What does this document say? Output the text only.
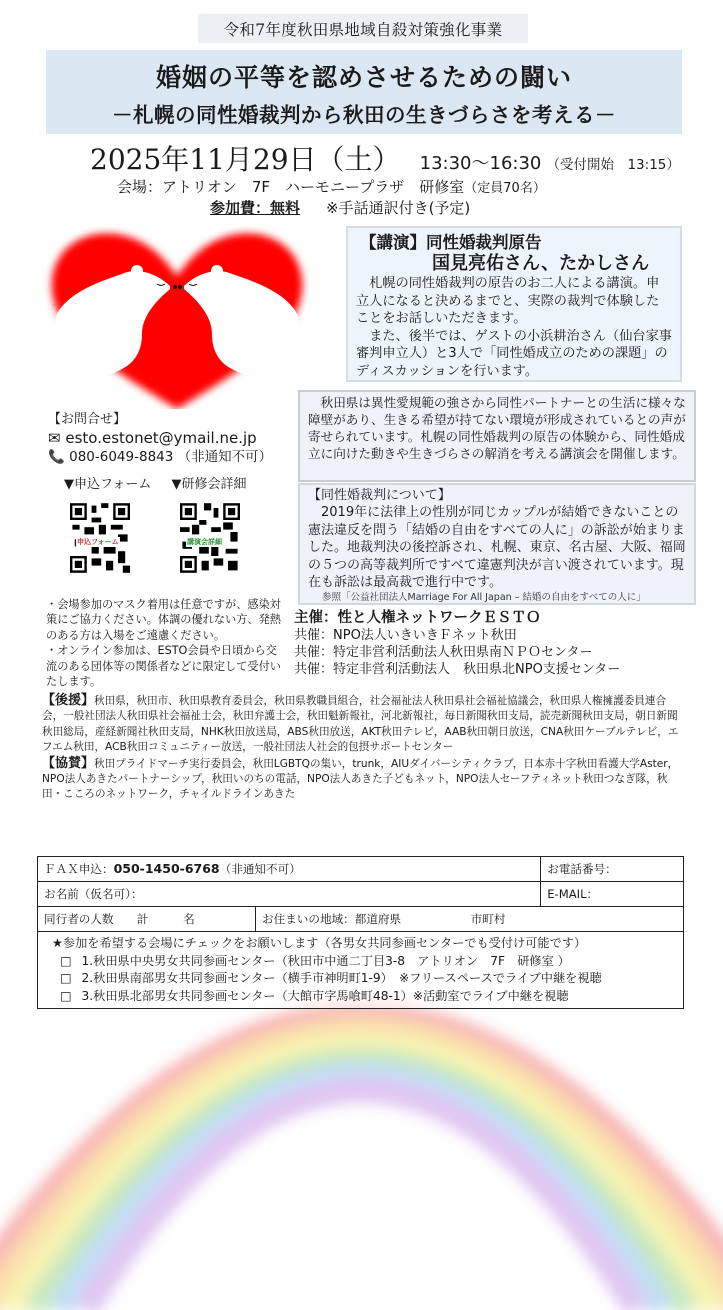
令和7年度秋田県地域自殺対策強化事業
婚姻の平等を認めさせるための闘い
－札幌の同性婚裁判から秋田の生きづらさを考える－
2025年11月29日（土） 13:30〜16:30 （受付開始　13:15）
会場：アトリオン　7F　ハーモニープラザ　研修室（定員70名）
参加費：無料 ※手話通訳付き(予定)
【講演】同性婚裁判原告
国見亮佑さん、たかしさん
札幌の同性婚裁判の原告のお二人による講演。申立人になると決めるまでと、実際の裁判で体験したことをお話しいただきます。
また、後半では、ゲストの小浜耕治さん（仙台家事審判申立人）と3人で「同性婚成立のための課題」のディスカッションを行います。
秋田県は異性愛規範の強さから同性パートナーとの生活に様々な障壁があり、生きる希望が持てない環境が形成されているとの声が寄せられています。札幌の同性婚裁判の原告の体験から、同性婚成立に向けた動きや生きづらさの解消を考える講演会を開催します。
【同性婚裁判について】
2019年に法律上の性別が同じカップルが結婚できないことの憲法違反を問う「結婚の自由をすべての人に」の訴訟が始まりました。地裁判決の後控訴され、札幌、東京、名古屋、大阪、福岡の５つの高等裁判所ですべて違憲判決が言い渡されています。現在も訴訟は最高裁で進行中です。
参照「公益社団法人Marriage For All Japan – 結婚の自由をすべての人に」
【お問合せ】
✉ esto.estonet@ymail.ne.jp
📞 080-6049-8843 （非通知不可）
▼申込フォーム ▼研修会詳細
申込フォーム	講演会詳細
・会場参加のマスク着用は任意ですが、感染対策にご協力ください。体調の優れない方、発熱のある方は入場をご遠慮ください。
・オンライン参加は、ESTO会員や日頃から交流のある団体等の関係者などに限定して受付いたします。
主催：性と人権ネットワークＥＳＴＯ
共催：NPO法人いきいきＦネット秋田
共催：特定非営利活動法人秋田県南ＮＰＯセンター
共催：特定非営利活動法人　秋田県北NPO支援センター
【後援】秋田県，秋田市、秋田県教育委員会，秋田県教職員組合，社会福祉法人秋田県社会福祉協議会，秋田県人権擁護委員連合会，一般社団法人秋田県社会福祉士会，秋田弁護士会，秋田魁新報社，河北新報社，毎日新聞秋田支局，読売新聞秋田支局，朝日新聞秋田総局，産経新聞社秋田支局，NHK秋田放送局，ABS秋田放送，AKT秋田テレビ，AAB秋田朝日放送，CNA秋田ケーブルテレビ，エフエム秋田，ACB秋田コミュニティー放送，一般社団法人社会的包摂サポートセンター
【協賛】秋田プライドマーチ実行委員会，秋田LGBTQの集い，trunk，AIUダイバーシティクラブ，日本赤十字秋田看護大学Aster，NPO法人あきたパートナーシップ，秋田いのちの電話，NPO法人あきた子どもネット，NPO法人セーフティネット秋田つなぎ隊，秋田・こころのネットワーク，チャイルドラインあきた
ＦＡＸ申込：050-1450-6768（非通知不可）		お電話番号：
お名前（仮名可）：		E-MAIL：
同行者の人数　　計　　　名	お住まいの地域：都道府県　　　　　　市町村	

★参加を希望する会場にチェックをお願いします（各男女共同参画センターでも受付け可能です）
□ 1.秋田県中央男女共同参画センター（秋田市中通二丁目3-8　アトリオン　7F　研修室 ）
□ 2.秋田県南部男女共同参画センター（横手市神明町1-9）　※フリースペースでライブ中継を視聴
□ 3.秋田県北部男女共同参画センター（大館市字馬喰町48-1）※活動室でライブ中継を視聴		
